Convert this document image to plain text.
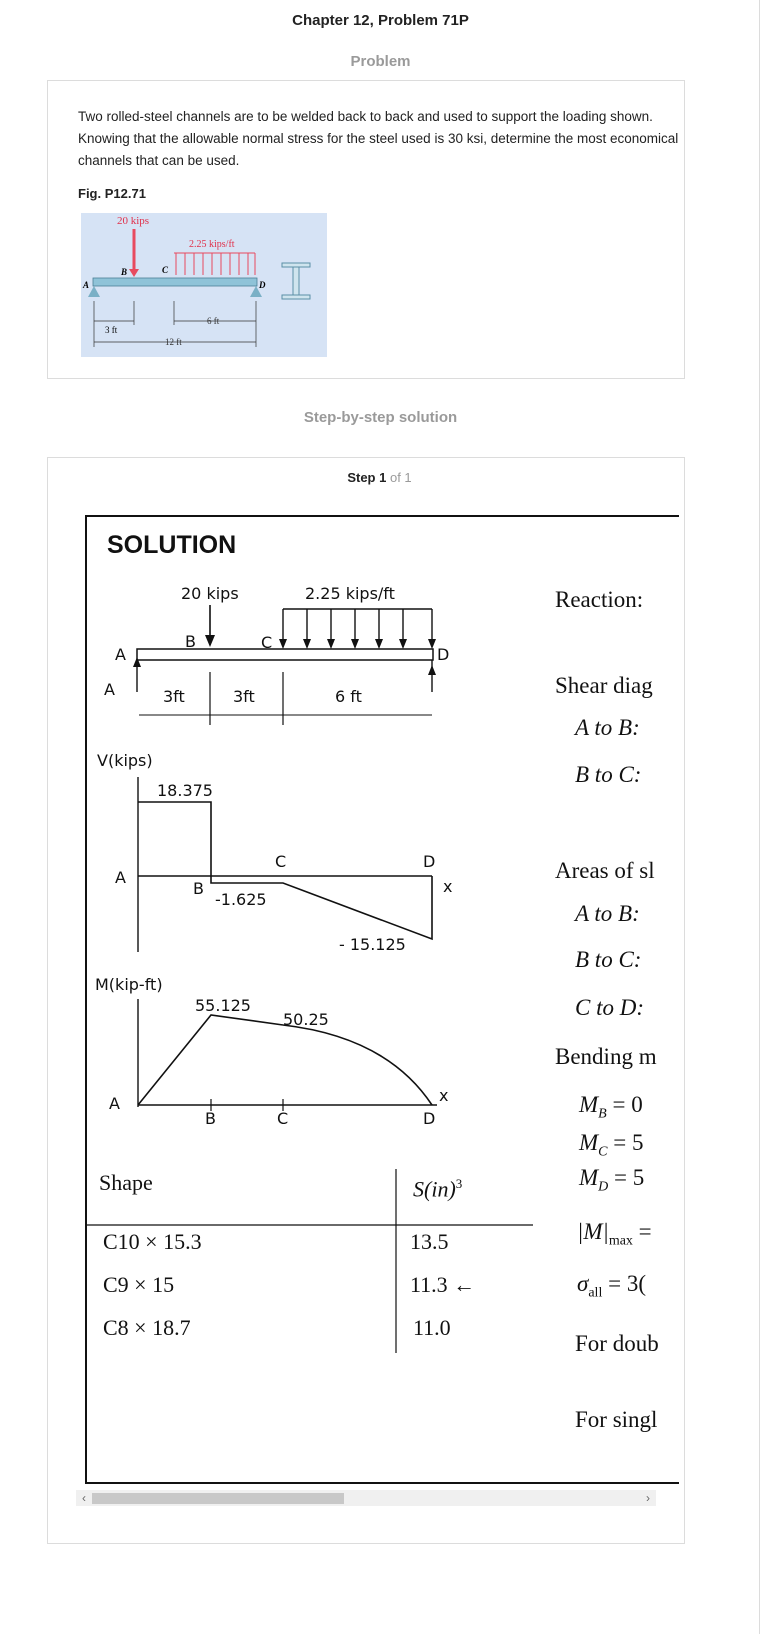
Chapter 12, Problem 71P
Problem
Two rolled-steel channels are to be welded back to back and used to support the loading shown. Knowing that the allowable normal stress for the steel used is 30 ksi, determine the most economical channels that can be used.
Fig. P12.71
20 kips
2.25 kips/ft
A
B	C
D
3 ft
6 ft
12 ft
Step-by-step solution
Step 1 of 1
SOLUTION
20 kips	2.25 kips/ft
B	C
A	D
A	3ft	3ft	6 ft
V(kips)
18.375
-1.625
- 15.125
A
B
C	D
x
M(kip-ft)
55.125
50.25
A
B	C	D
x
Shape	S(in)$^3$
C10 × 15.3	13.5
C9 × 15	11.3 ←
C8 × 18.7	11.0
Reaction:
Shear diag
A to B:
B to C:
Areas of sl
A to B:
B to C:
C to D:
Bending m
$M_B = 0$
$M_C = 5$
$M_D = 5$
$|M|_{max}$ =
$\sigma_{all} = 3$(
For doub
For singl
‹	›
